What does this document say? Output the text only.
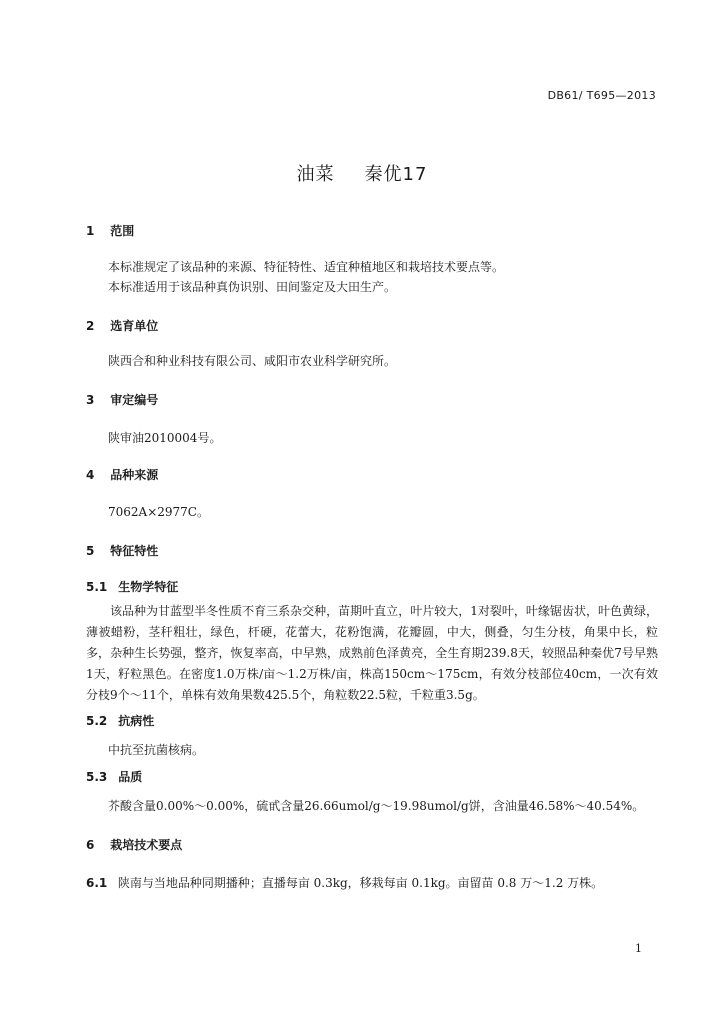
DB61/ T695—2013
油菜 秦优17
1 范围
本标准规定了该品种的来源、特征特性、适宜种植地区和栽培技术要点等。
本标准适用于该品种真伪识别、田间鉴定及大田生产。
2 选育单位
陕西合和种业科技有限公司、咸阳市农业科学研究所。
3 审定编号
陕审油2010004号。
4 品种来源
7062A×2977C。
5 特征特性
5.1 生物学特征
该品种为甘蓝型半冬性质不育三系杂交种，苗期叶直立，叶片较大，1对裂叶，叶缘锯齿状，叶色黄绿，薄被蜡粉，茎秆粗壮，绿色，杆硬，花蕾大，花粉饱满，花瓣圆，中大，侧叠，匀生分枝，角果中长，粒多，杂种生长势强，整齐，恢复率高，中早熟，成熟前色泽黄亮，全生育期239.8天，较照品种秦优7号早熟1天，籽粒黑色。在密度1.0万株/亩～1.2万株/亩，株高150cm～175cm，有效分枝部位40cm，一次有效分枝9个～11个，单株有效角果数425.5个，角粒数22.5粒，千粒重3.5g。
5.2 抗病性
中抗至抗菌核病。
5.3 品质
芥酸含量0.00%～0.00%，硫甙含量26.66umol/g～19.98umol/g饼，含油量46.58%～40.54%。
6 栽培技术要点
6.1 陕南与当地品种同期播种；直播每亩 0.3kg，移栽每亩 0.1kg。亩留苗 0.8 万～1.2 万株。
1
